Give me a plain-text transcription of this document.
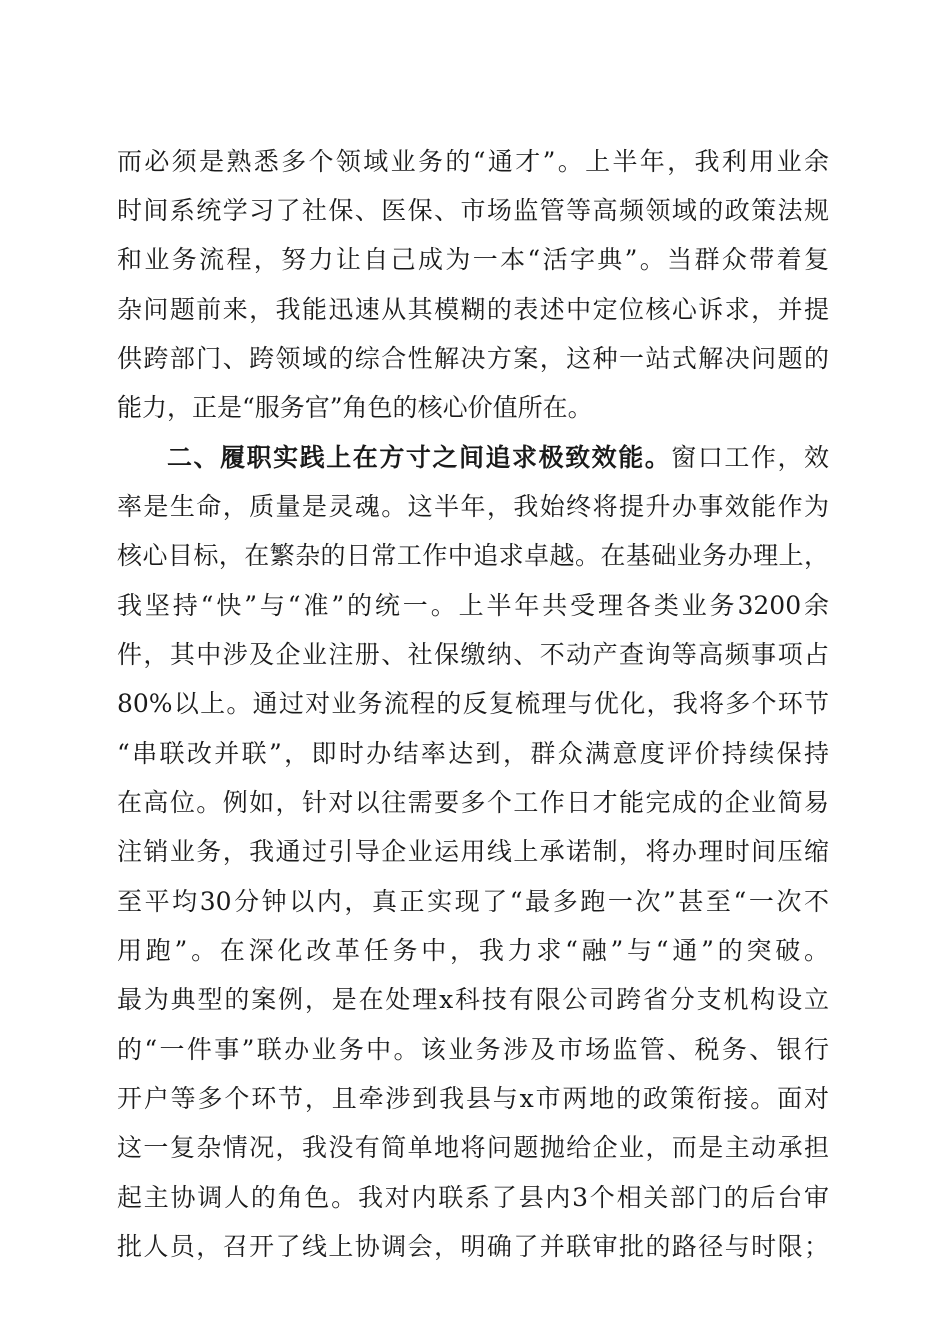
而必须是熟悉多个领域业务的“通才”。上半年，我利用业余
时间系统学习了社保、医保、市场监管等高频领域的政策法规
和业务流程，努力让自己成为一本“活字典”。当群众带着复
杂问题前来，我能迅速从其模糊的表述中定位核心诉求，并提
供跨部门、跨领域的综合性解决方案，这种一站式解决问题的
能力，正是“服务官”角色的核心价值所在。
二、履职实践上在方寸之间追求极致效能。窗口工作，效
率是生命，质量是灵魂。这半年，我始终将提升办事效能作为
核心目标，在繁杂的日常工作中追求卓越。在基础业务办理上，
我坚持“快”与“准”的统一。上半年共受理各类业务3200余
件，其中涉及企业注册、社保缴纳、不动产查询等高频事项占
80%以上。通过对业务流程的反复梳理与优化，我将多个环节
“串联改并联”，即时办结率达到，群众满意度评价持续保持
在高位。例如，针对以往需要多个工作日才能完成的企业简易
注销业务，我通过引导企业运用线上承诺制，将办理时间压缩
至平均30分钟以内，真正实现了“最多跑一次”甚至“一次不
用跑”。在深化改革任务中，我力求“融”与“通”的突破。
最为典型的案例，是在处理x科技有限公司跨省分支机构设立
的“一件事”联办业务中。该业务涉及市场监管、税务、银行
开户等多个环节，且牵涉到我县与x市两地的政策衔接。面对
这一复杂情况，我没有简单地将问题抛给企业，而是主动承担
起主协调人的角色。我对内联系了县内3个相关部门的后台审
批人员，召开了线上协调会，明确了并联审批的路径与时限；
